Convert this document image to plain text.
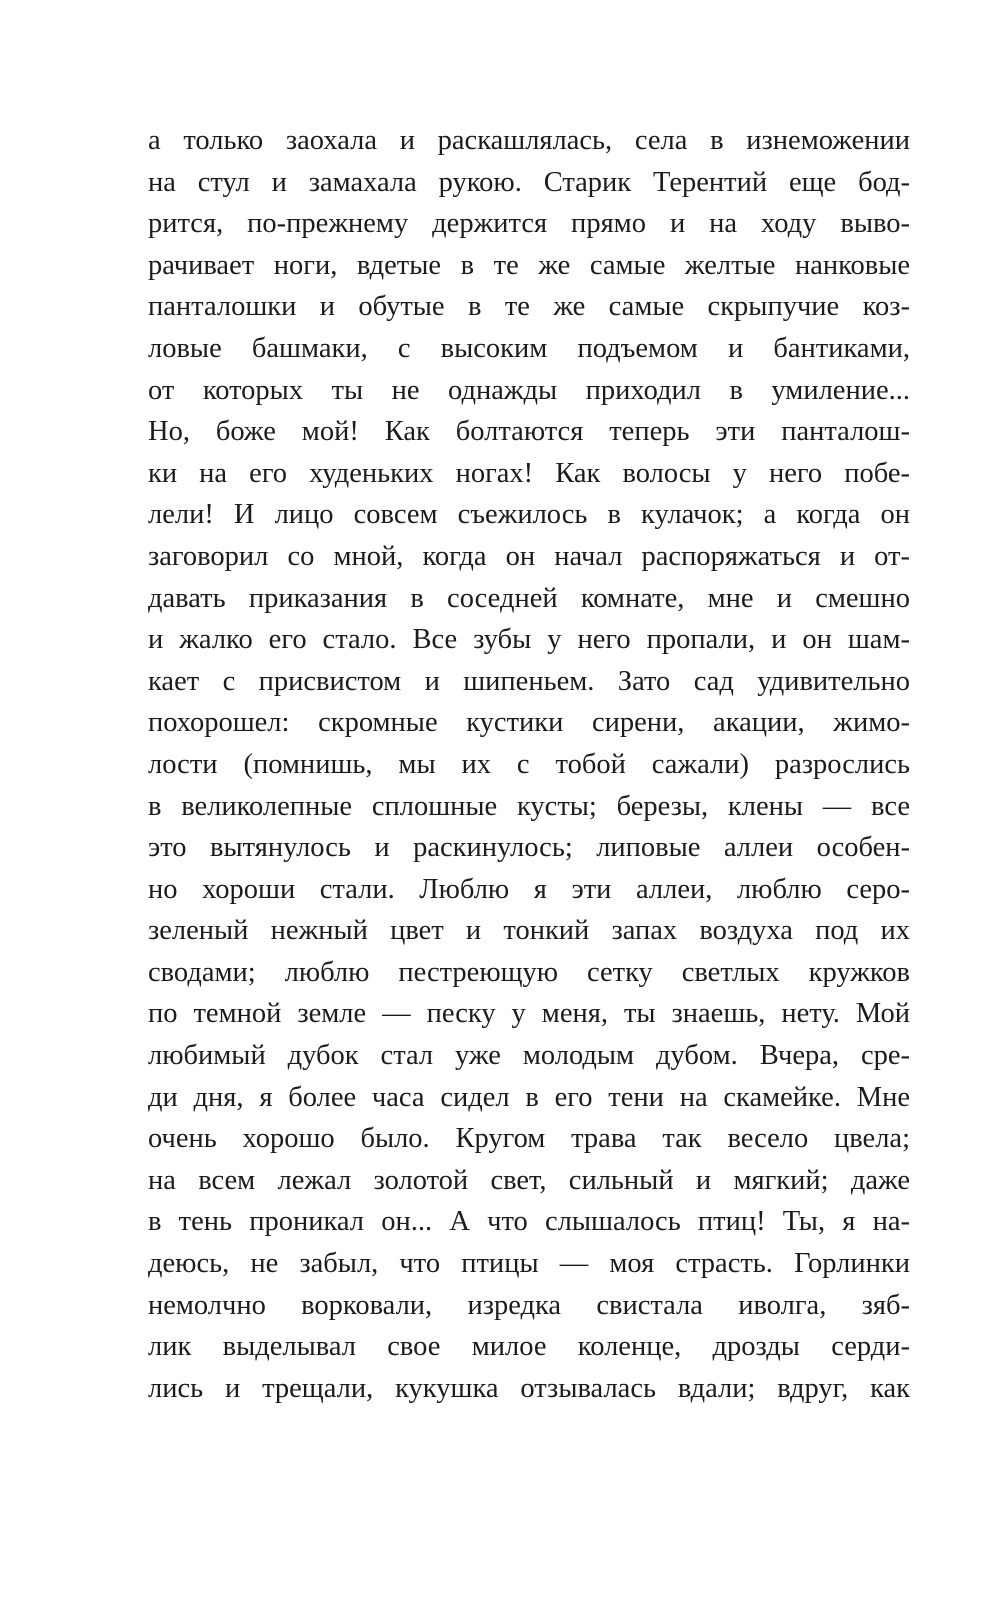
а только заохала и раскашлялась, села в изнеможении
на стул и замахала рукою. Старик Терентий еще бод-
рится, по-прежнему держится прямо и на ходу выво-
рачивает ноги, вдетые в те же самые желтые нанковые
панталошки и обутые в те же самые скрыпучие коз-
ловые башмаки, с высоким подъемом и бантиками,
от которых ты не однажды приходил в умиление...
Но, боже мой! Как болтаются теперь эти панталош-
ки на его худеньких ногах! Как волосы у него побе-
лели! И лицо совсем съежилось в кулачок; а когда он
заговорил со мной, когда он начал распоряжаться и от-
давать приказания в соседней комнате, мне и смешно
и жалко его стало. Все зубы у него пропали, и он шам-
кает с присвистом и шипеньем. Зато сад удивительно
похорошел: скромные кустики сирени, акации, жимо-
лости (помнишь, мы их с тобой сажали) разрослись
в великолепные сплошные кусты; березы, клены — все
это вытянулось и раскинулось; липовые аллеи особен-
но хороши стали. Люблю я эти аллеи, люблю серо-
зеленый нежный цвет и тонкий запах воздуха под их
сводами; люблю пестреющую сетку светлых кружков
по темной земле — песку у меня, ты знаешь, нету. Мой
любимый дубок стал уже молодым дубом. Вчера, сре-
ди дня, я более часа сидел в его тени на скамейке. Мне
очень хорошо было. Кругом трава так весело цвела;
на всем лежал золотой свет, сильный и мягкий; даже
в тень проникал он... А что слышалось птиц! Ты, я на-
деюсь, не забыл, что птицы — моя страсть. Горлинки
немолчно ворковали, изредка свистала иволга, зяб-
лик выделывал свое милое коленце, дрозды серди-
лись и трещали, кукушка отзывалась вдали; вдруг, как
